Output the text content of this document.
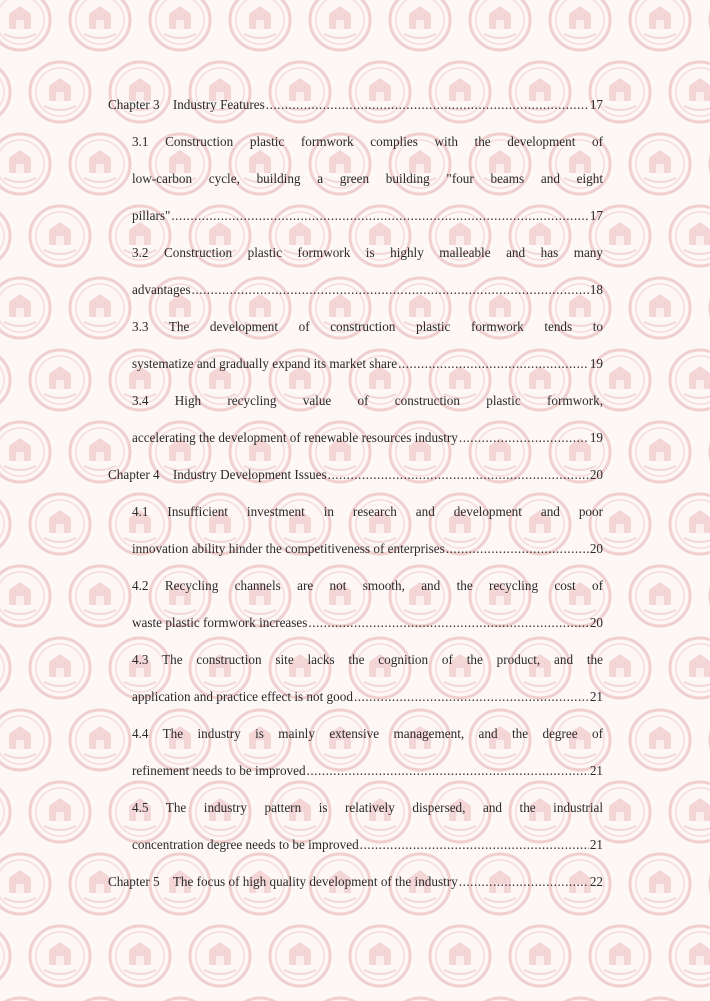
Chapter 3 Industry Features .....	17
3.1 Construction plastic formwork complies with the development of
low-carbon cycle, building a green building "four beams and eight
pillars" .....	17
3.2 Construction plastic formwork is highly malleable and has many
advantages .....	18
3.3 The development of construction plastic formwork tends to
systematize and gradually expand its market share .....	19
3.4 High recycling value of construction plastic formwork,
accelerating the development of renewable resources industry .....	19
Chapter 4 Industry Development Issues .....	20
4.1 Insufficient investment in research and development and poor
innovation ability hinder the competitiveness of enterprises .....	20
4.2 Recycling channels are not smooth, and the recycling cost of
waste plastic formwork increases .....	20
4.3 The construction site lacks the cognition of the product, and the
application and practice effect is not good .....	21
4.4 The industry is mainly extensive management, and the degree of
refinement needs to be improved .....	21
4.5 The industry pattern is relatively dispersed, and the industrial
concentration degree needs to be improved .....	21
Chapter 5 The focus of high quality development of the industry .....	22
